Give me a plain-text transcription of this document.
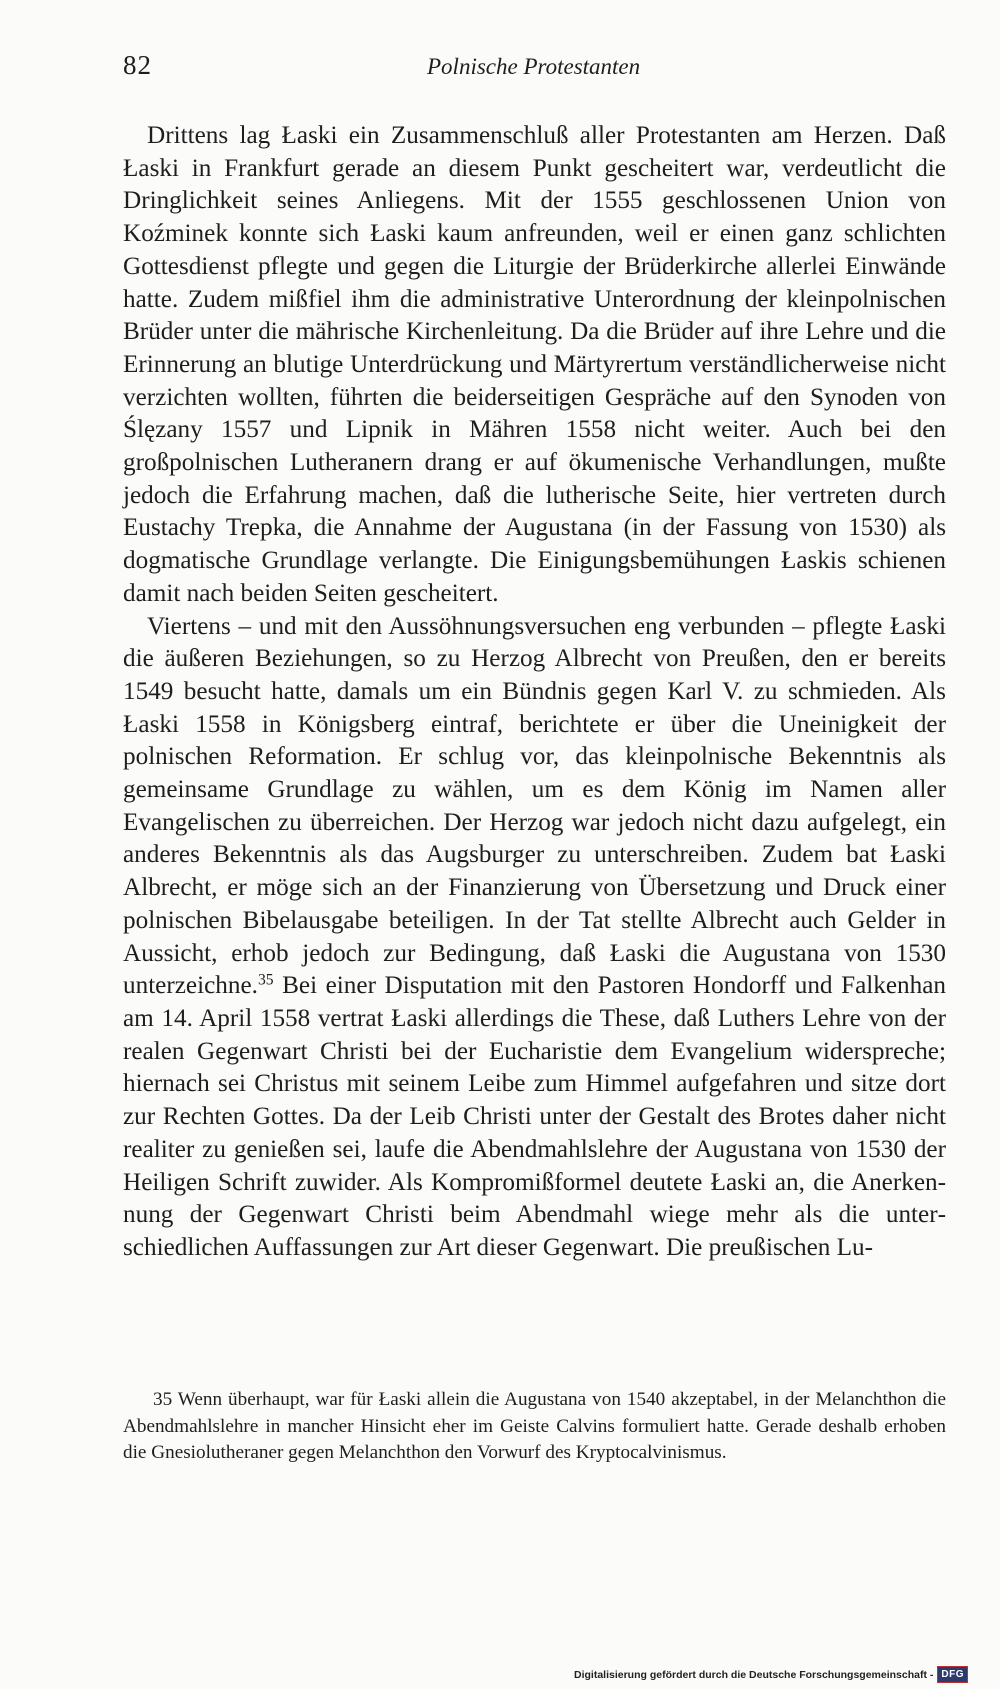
82	Polnische Protestanten

Drittens lag Łaski ein Zusammenschluß aller Protestanten am Herzen. Daß Łaski in Frankfurt gerade an diesem Punkt gescheitert war, verdeutlicht die Dringlichkeit seines Anliegens. Mit der 1555 geschlossenen Union von Koźminek konnte sich Łaski kaum anfreunden, weil er einen ganz schlichten Gottesdienst pflegte und gegen die Liturgie der Brüderkirche allerlei Einwände hatte. Zudem mißfiel ihm die administrative Unterordnung der kleinpolnischen Brüder unter die mährische Kirchenleitung. Da die Brüder auf ihre Lehre und die Erinnerung an blutige Unterdrückung und Märtyrertum verständlicherweise nicht verzichten wollten, führten die beiderseitigen Gespräche auf den Synoden von Ślęzany 1557 und Lipnik in Mähren 1558 nicht weiter. Auch bei den großpolnischen Lutheranern drang er auf ökumenische Verhandlungen, mußte jedoch die Erfahrung machen, daß die lutherische Seite, hier vertreten durch Eustachy Trepka, die Annahme der Augustana (in der Fassung von 1530) als dogmatische Grundlage verlangte. Die Einigungsbemühungen Łaskis schienen damit nach beiden Seiten gescheitert.

Viertens – und mit den Aussöhnungsversuchen eng verbunden – pflegte Łaski die äußeren Beziehungen, so zu Herzog Albrecht von Preußen, den er bereits 1549 besucht hatte, damals um ein Bündnis gegen Karl V. zu schmieden. Als Łaski 1558 in Königsberg eintraf, berichtete er über die Uneinigkeit der polnischen Reformation. Er schlug vor, das kleinpolnische Bekenntnis als gemeinsame Grundlage zu wählen, um es dem König im Namen aller Evangelischen zu überreichen. Der Herzog war jedoch nicht dazu aufgelegt, ein anderes Bekenntnis als das Augsburger zu unterschreiben. Zudem bat Łaski Albrecht, er möge sich an der Finanzierung von Übersetzung und Druck einer polnischen Bibelausgabe beteiligen. In der Tat stellte Albrecht auch Gelder in Aussicht, erhob jedoch zur Bedingung, daß Łaski die Augustana von 1530 unterzeichne.$^{35}$ Bei einer Disputation mit den Pastoren Hondorff und Falkenhan am 14. April 1558 vertrat Łaski allerdings die These, daß Luthers Lehre von der realen Gegenwart Christi bei der Eucharistie dem Evangelium widerspreche; hiernach sei Christus mit seinem Leibe zum Himmel aufgefahren und sitze dort zur Rechten Gottes. Da der Leib Christi unter der Gestalt des Brotes daher nicht realiter zu genießen sei, laufe die Abendmahlslehre der Augustana von 1530 der Heiligen Schrift zuwider. Als Kompromißformel deutete Łaski an, die Anerkennung der Gegenwart Christi beim Abendmahl wiege mehr als die unterschiedlichen Auffassungen zur Art dieser Gegenwart. Die preußischen Lu-

35 Wenn überhaupt, war für Łaski allein die Augustana von 1540 akzeptabel, in der Melanchthon die Abendmahlslehre in mancher Hinsicht eher im Geiste Calvins formuliert hatte. Gerade deshalb erhoben die Gnesiolutheraner gegen Melanchthon den Vorwurf des Kryptocalvinismus.

Digitalisierung gefördert durch die Deutsche Forschungsgemeinschaft - DFG
